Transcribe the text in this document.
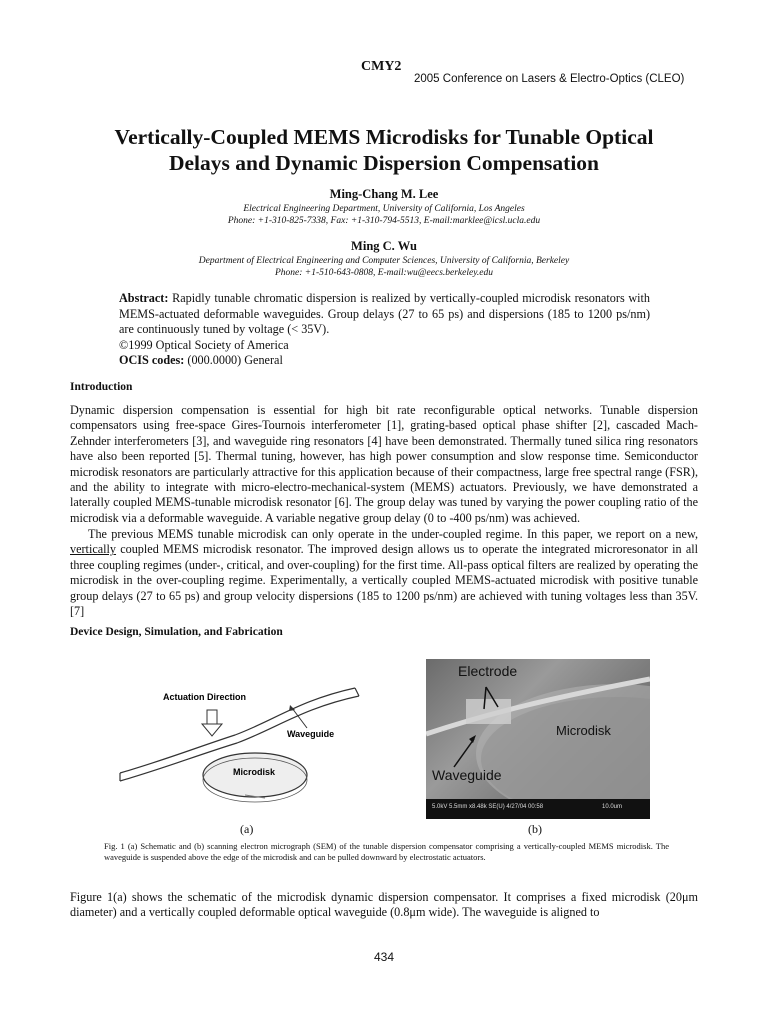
CMY2
2005 Conference on Lasers & Electro-Optics (CLEO)
Vertically-Coupled MEMS Microdisks for Tunable Optical
Delays and Dynamic Dispersion Compensation
Ming-Chang M. Lee
Electrical Engineering Department, University of California, Los Angeles
Phone: +1-310-825-7338, Fax: +1-310-794-5513, E-mail:marklee@icsl.ucla.edu
Ming C. Wu
Department of Electrical Engineering and Computer Sciences, University of California, Berkeley
Phone: +1-510-643-0808, E-mail:wu@eecs.berkeley.edu
Abstract: Rapidly tunable chromatic dispersion is realized by vertically-coupled microdisk resonators with MEMS-actuated deformable waveguides. Group delays (27 to 65 ps) and dispersions (185 to 1200 ps/nm) are continuously tuned by voltage (< 35V).
©1999 Optical Society of America
OCIS codes: (000.0000) General
Introduction
Dynamic dispersion compensation is essential for high bit rate reconfigurable optical networks. Tunable dispersion compensators using free-space Gires-Tournois interferometer [1], grating-based optical phase shifter [2], cascaded Mach-Zehnder interferometers [3], and waveguide ring resonators [4] have been demonstrated. Thermally tuned silica ring resonators have also been reported [5]. Thermal tuning, however, has high power consumption and slow response time. Semiconductor microdisk resonators are particularly attractive for this application because of their compactness, large free spectral range (FSR), and the ability to integrate with micro-electro-mechanical-system (MEMS) actuators. Previously, we have demonstrated a laterally coupled MEMS-tunable microdisk resonator [6]. The group delay was tuned by varying the power coupling ratio of the microdisk via a deformable waveguide. A variable negative group delay (0 to -400 ps/nm) was achieved.
The previous MEMS tunable microdisk can only operate in the under-coupled regime. In this paper, we report on a new, vertically coupled MEMS microdisk resonator. The improved design allows us to operate the integrated microresonator in all three coupling regimes (under-, critical, and over-coupling) for the first time. All-pass optical filters are realized by operating the microdisk in the over-coupling regime. Experimentally, a vertically coupled MEMS-actuated microdisk with positive tunable group delays (27 to 65 ps) and group velocity dispersions (185 to 1200 ps/nm) are achieved with tuning voltages less than 35V. [7]
Device Design, Simulation, and Fabrication
Actuation Direction
Microdisk
Waveguide
Electrode
Microdisk
Waveguide
5.0kV 5.5mm x8.48k SE(U) 4/27/04 00:58	10.0um
(a)	(b)
Fig. 1 (a) Schematic and (b) scanning electron micrograph (SEM) of the tunable dispersion compensator comprising a vertically-coupled MEMS microdisk. The waveguide is suspended above the edge of the microdisk and can be pulled downward by electrostatic actuators.
Figure 1(a) shows the schematic of the microdisk dynamic dispersion compensator. It comprises a fixed microdisk (20μm diameter) and a vertically coupled deformable optical waveguide (0.8μm wide). The waveguide is aligned to
434
